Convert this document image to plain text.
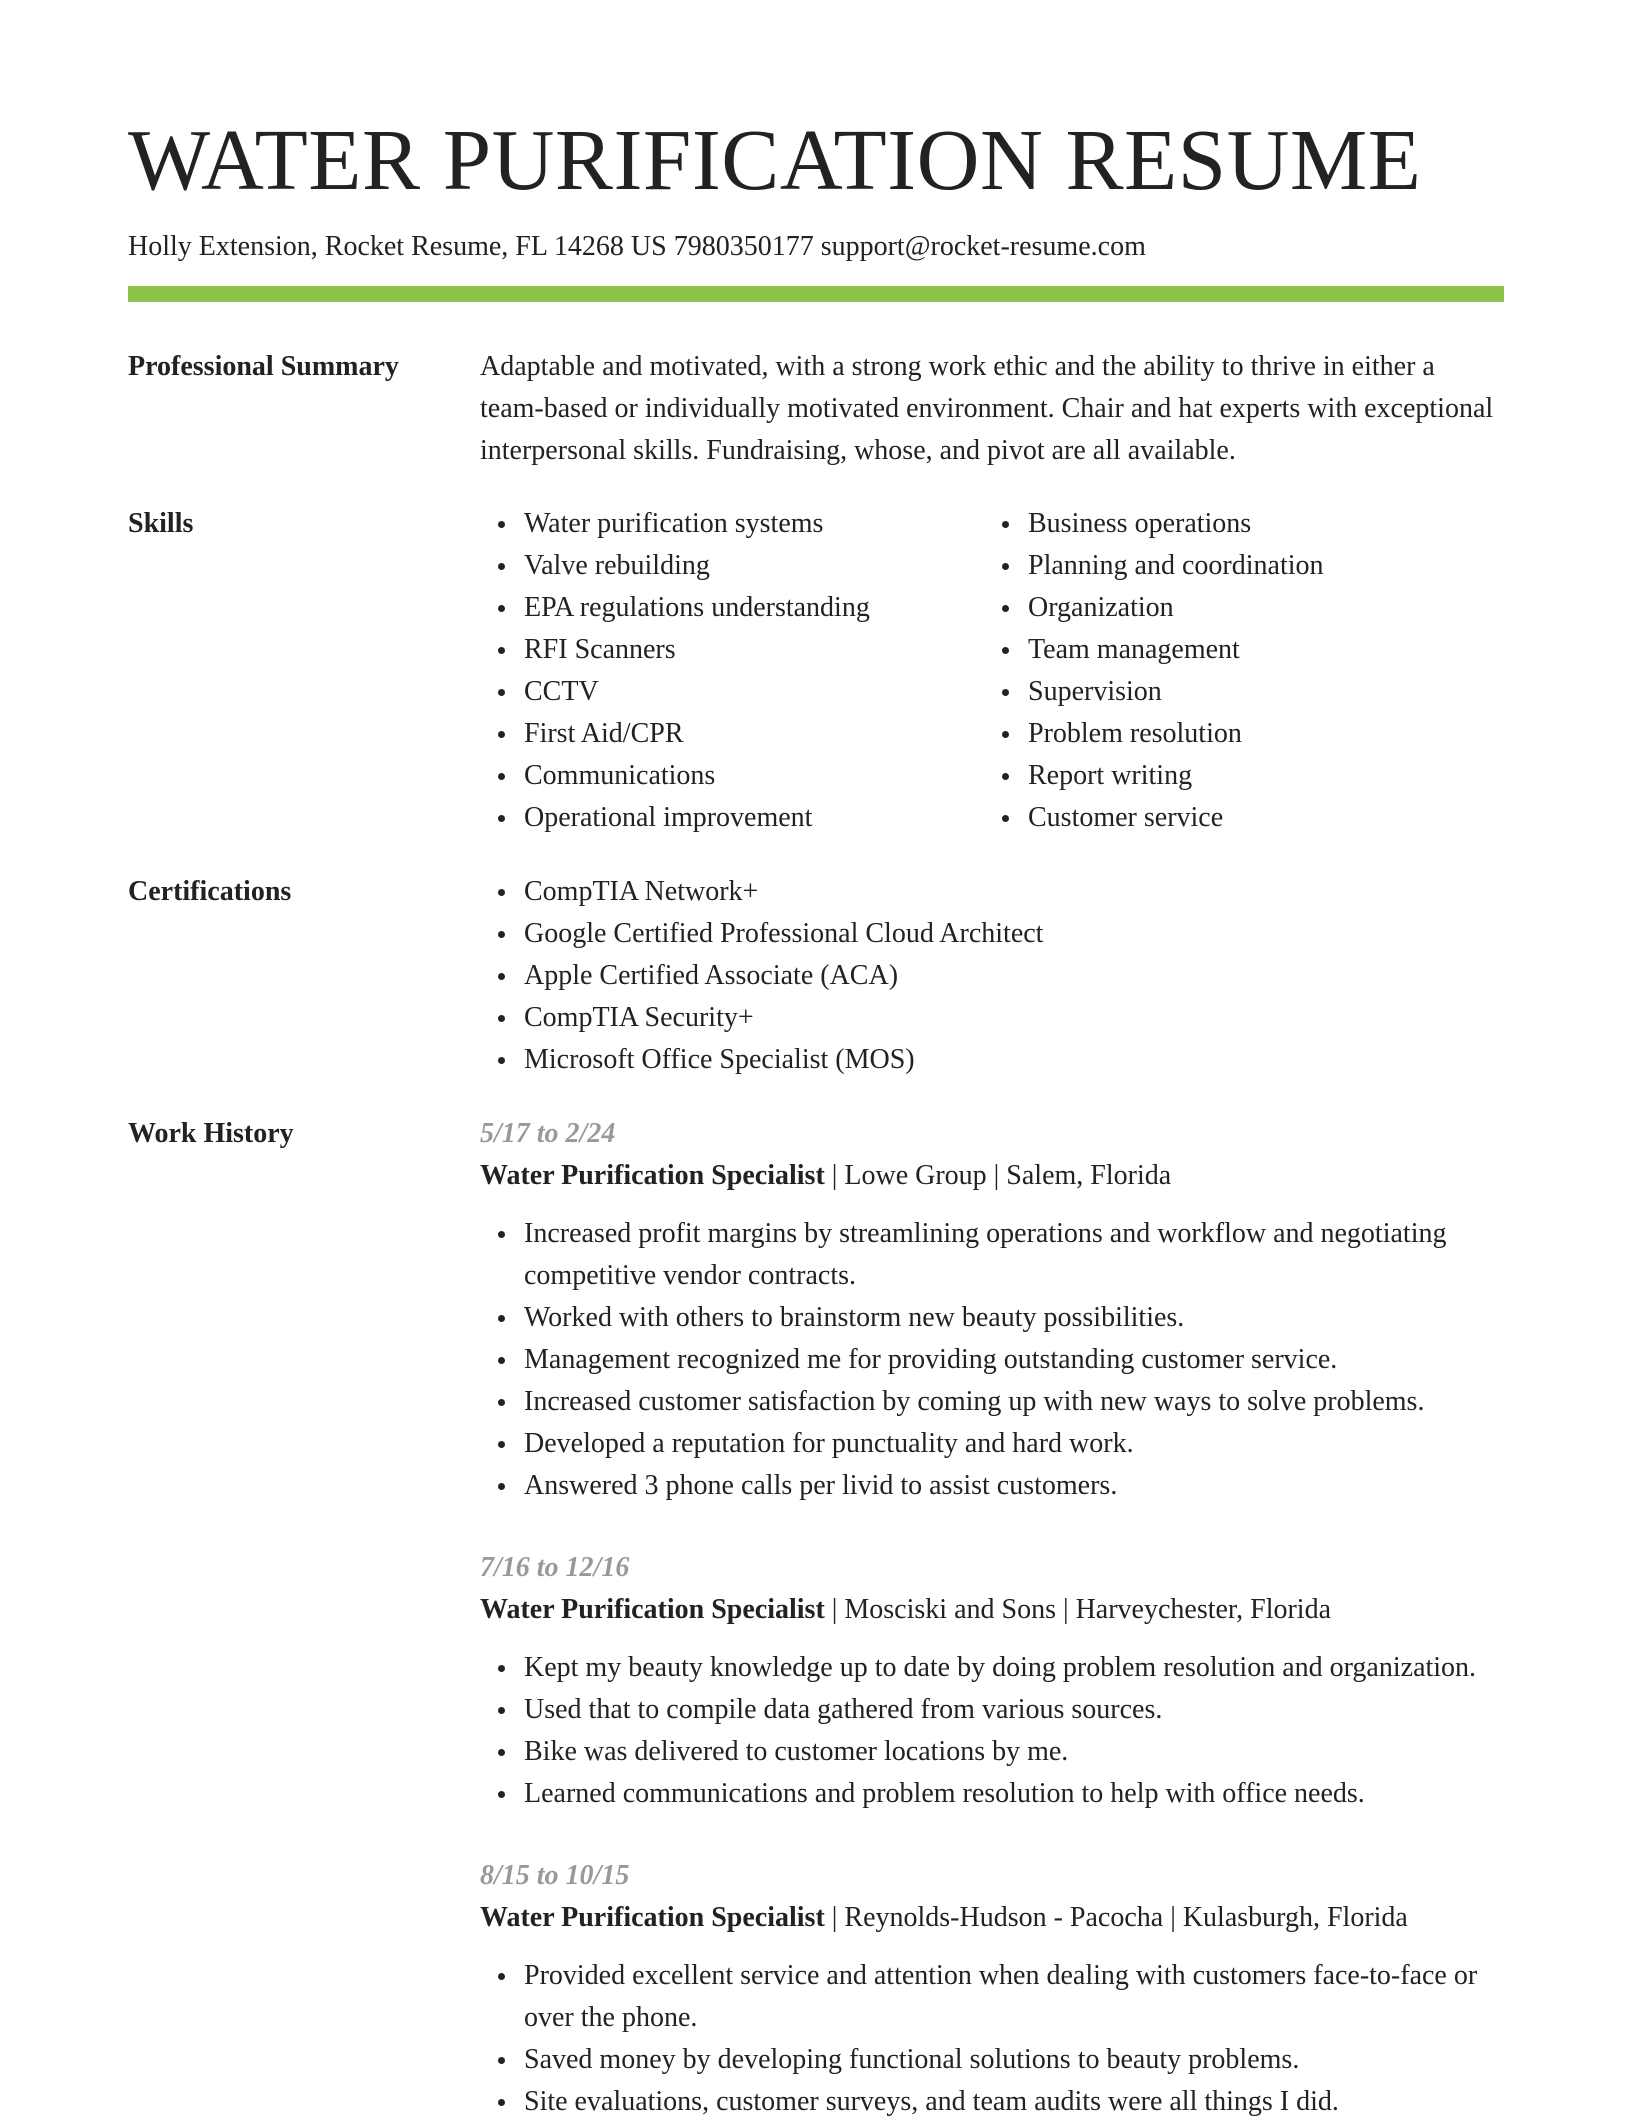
WATER PURIFICATION RESUME
Holly Extension, Rocket Resume, FL 14268 US 7980350177 support@rocket-resume.com
Professional Summary	Adaptable and motivated, with a strong work ethic and the ability to thrive in either a team-based or individually motivated environment. Chair and hat experts with exceptional interpersonal skills. Fundraising, whose, and pivot are all available.

Skills	Water purification systems
Valve rebuilding
EPA regulations understanding
RFI Scanners
CCTV
First Aid/CPR
Communications
Operational improvement
Business operations
Planning and coordination
Organization
Team management
Supervision
Problem resolution
Report writing
Customer service
Certifications	CompTIA Network+
Google Certified Professional Cloud Architect
Apple Certified Associate (ACA)
CompTIA Security+
Microsoft Office Specialist (MOS)
Work History	5/17 to 2/24
Water Purification Specialist | Lowe Group | Salem, Florida
Increased profit margins by streamlining operations and workflow and negotiating competitive vendor contracts.
Worked with others to brainstorm new beauty possibilities.
Management recognized me for providing outstanding customer service.
Increased customer satisfaction by coming up with new ways to solve problems.
Developed a reputation for punctuality and hard work.
Answered 3 phone calls per livid to assist customers.
7/16 to 12/16
Water Purification Specialist | Mosciski and Sons | Harveychester, Florida
Kept my beauty knowledge up to date by doing problem resolution and organization.
Used that to compile data gathered from various sources.
Bike was delivered to customer locations by me.
Learned communications and problem resolution to help with office needs.
8/15 to 10/15
Water Purification Specialist | Reynolds-Hudson - Pacocha | Kulasburgh, Florida
Provided excellent service and attention when dealing with customers face-to-face or over the phone.
Saved money by developing functional solutions to beauty problems.
Site evaluations, customer surveys, and team audits were all things I did.
